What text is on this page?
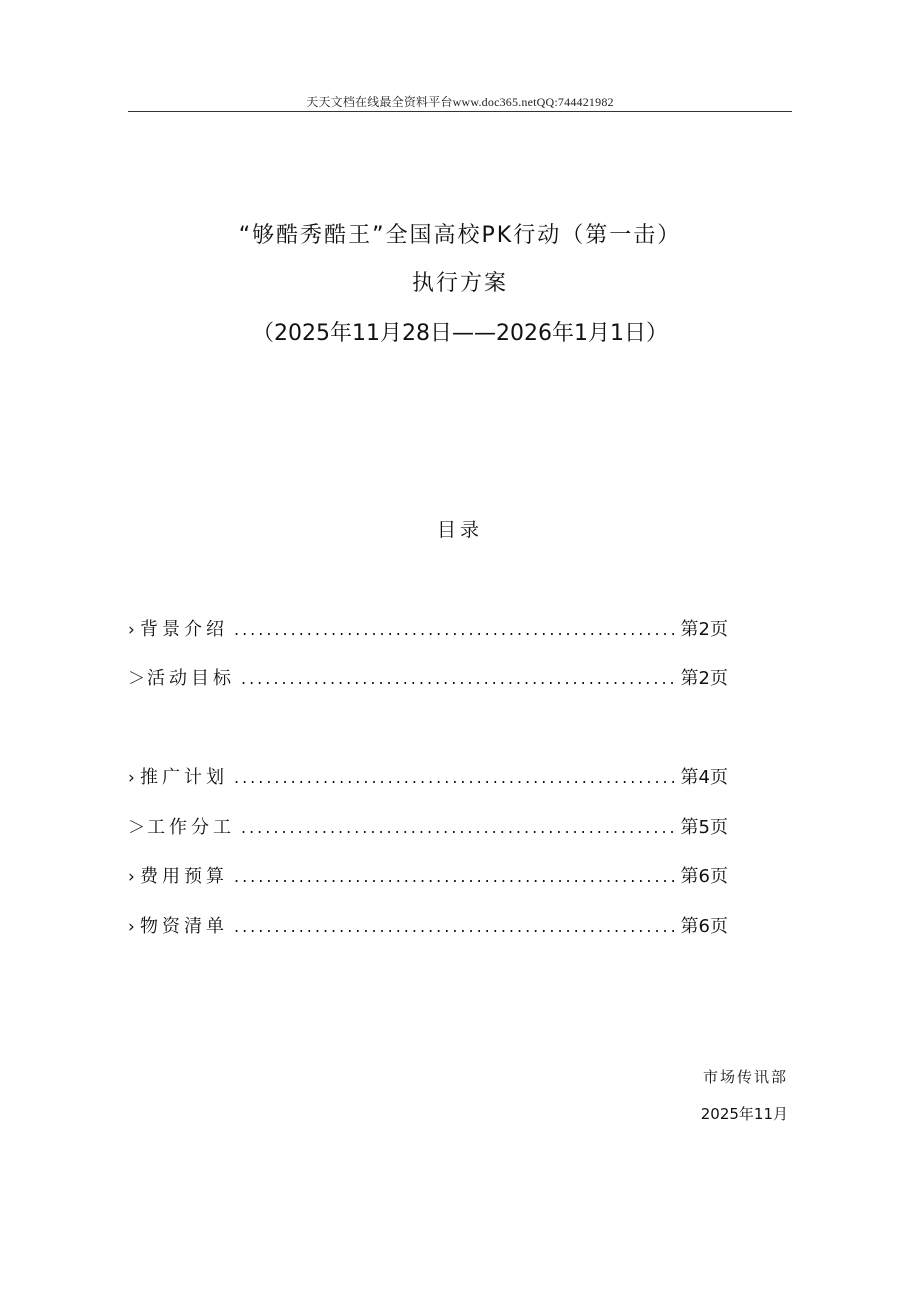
天天文档在线最全资料平台www.doc365.netQQ:744421982
“够酷秀酷王”全国高校PK行动（第一击）
执行方案
（2025年11月28日——2026年1月1日）
目录
› 背景介绍 .....	第2页
＞ 活动目标 .....	第2页
› 推广计划 .....	第4页
＞ 工作分工 .....	第5页
› 费用预算 .....	第6页
› 物资清单 .....	第6页
市场传讯部
2025年11月
